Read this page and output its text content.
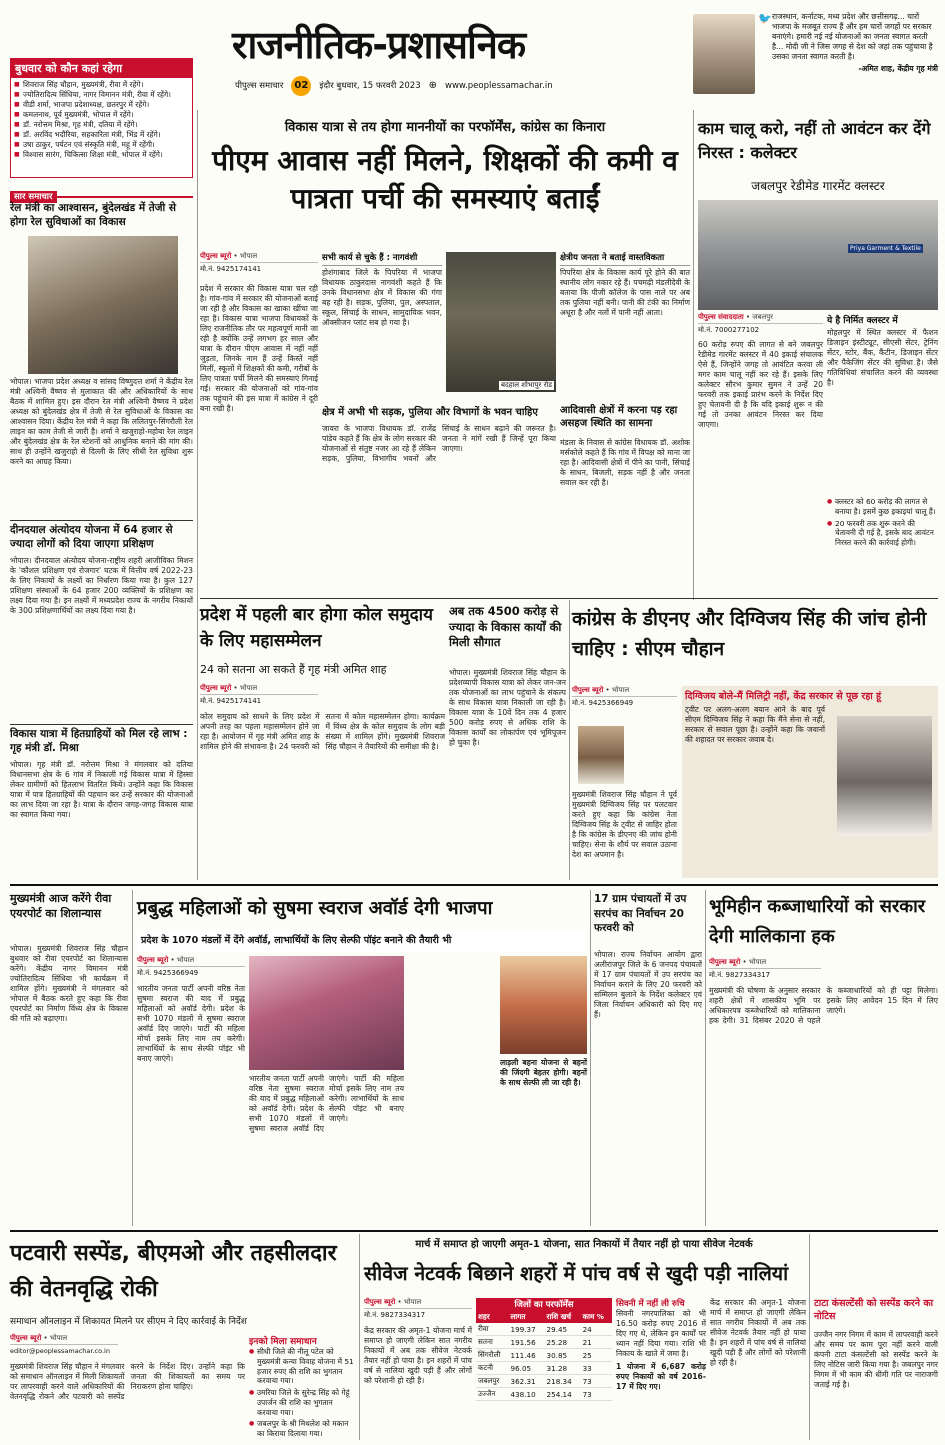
बुधवार को कौन कहां रहेगा
■ शिवराज सिंह चौहान, मुख्यमंत्री, रीवा में रहेंगे।
■ ज्योतिरादित्य सिंधिया, नागर विमानन मंत्री, रीवा में रहेंगे।
■ वीडी शर्मा, भाजपा प्रदेशाध्यक्ष, छतरपुर में रहेंगे।
■ कमलनाथ, पूर्व मुख्यमंत्री, भोपाल में रहेंगे।
■ डॉ. नरोत्तम मिश्रा, गृह मंत्री, दतिया में रहेंगे।
■ डॉ. अरविंद भदौरिया, सहकारिता मंत्री, भिंड में रहेंगे।
■ उषा ठाकुर, पर्यटन एवं संस्कृति मंत्री, महू में रहेंगी।
■ विश्वास सारंग, चिकित्सा शिक्षा मंत्री, भोपाल में रहेंगे।
राजनीतिक-प्रशासनिक
पीपुल्स समाचार	02	इंदौर बुधवार, 15 फरवरी 2023 ⊕ www.peoplessamachar.in
🐦 राजस्थान, कर्नाटक, मध्य प्रदेश और छत्तीसगढ़... चारों भाजपा के मजबूत राज्य हैं और हम चारों जगहों पर सरकार बनाएंगे। हमारी नई नई योजनाओं का जनता स्वागत करती है... मोदी जी ने जिस जगह से देश को जहां तक पहुंचाया है उसका जनता स्वागत करती है।
-अमित शाह, केंद्रीय गृह मंत्री
सार समाचार
रेल मंत्री का आश्वासन, बुंदेलखंड में तेजी से होगा रेल सुविधाओं का विकास
भोपाल। भाजपा प्रदेश अध्यक्ष व सांसद विष्णुदत्त शर्मा ने केंद्रीय रेल मंत्री अश्विनी वैष्णव से मुलाकात की और अधिकारियों के साथ बैठक में शामिल हुए। इस दौरान रेल मंत्री अश्विनी वैष्णव ने प्रदेश अध्यक्ष को बुंदेलखंड क्षेत्र में तेजी से रेल सुविधाओं के विकास का आश्वासन दिया। केंद्रीय रेल मंत्री ने कहा कि ललितपुर-सिंगरौली रेल लाइन का काम तेजी से जारी है। शर्मा ने खजुराहो-महोबा रेल लाइन और बुंदेलखंड क्षेत्र के रेल स्टेशनों को आधुनिक बनाने की मांग की। साथ ही उन्होंने खजुराहो से दिल्ली के लिए सीधी रेल सुविधा शुरू करने का आग्रह किया।
दीनदयाल अंत्योदय योजना में 64 हजार से ज्यादा लोगों को दिया जाएगा प्रशिक्षण
भोपाल। दीनदयाल अंत्योदय योजना-राष्ट्रीय शहरी आजीविका मिशन के 'कौशल प्रशिक्षण एवं रोजगार' घटक में वित्तीय वर्ष 2022-23 के लिए निकायों के लक्ष्यों का निर्धारण किया गया है। कुल 127 प्रशिक्षण संस्थाओं के 64 हजार 200 व्यक्तियों के प्रशिक्षण का लक्ष्य दिया गया है। इन लक्ष्यों में मध्यप्रदेश राज्य के नगरीय निकायों के 300 प्रशिक्षणार्थियों का लक्ष्य दिया गया है।
विकास यात्रा में हितग्राहियों को मिल रहे लाभ : गृह मंत्री डॉ. मिश्रा
भोपाल। गृह मंत्री डॉ. नरोत्तम मिश्रा ने मंगलवार को दतिया विधानसभा क्षेत्र के 6 गांव में निकाली गई विकास यात्रा में हिस्सा लेकर ग्रामीणों को हितलाभ वितरित किये। उन्होंने कहा कि विकास यात्रा में पात्र हितग्राहियों की पहचान कर उन्हें सरकार की योजनाओं का लाभ दिया जा रहा है। यात्रा के दौरान जगह-जगह विकास यात्रा का स्वागत किया गया।
विकास यात्रा से तय होगा माननीयों का परफॉर्मेंस, कांग्रेस का किनारा
पीएम आवास नहीं मिलने, शिक्षकों की कमी व पात्रता पर्ची की समस्याएं बताईं
पीपुल्स ब्यूरो • भोपाल
मो.नं. 9425174141
प्रदेश में सरकार की विकास यात्रा चल रही है। गांव-गांव में सरकार की योजनाओं बताई जा रही है और विकास का खाका खींचा जा रहा है। विकास यात्रा भाजपा विधायकों के लिए राजनीतिक तौर पर महत्वपूर्ण मानी जा रही है क्योंकि उन्हें लगभग हर साल और यात्रा के दौरान पीएम आवास में नहीं नहीं जुड़ता, जिनके नाम हैं उन्हें किस्तें नहीं मिलीं, स्कूलों में शिक्षकों की कमी, गरीबों के लिए पात्रता पर्ची मिलने की समस्याएं गिनाई गईं। सरकार की योजनाओं को गांव-गांव तक पहुंचाने की इस यात्रा में कांग्रेस ने दूरी बना रखी है।
सभी कार्य से चुके हैं : नागवंशी
होशंगाबाद जिले के पिपरिया में भाजपा विधायक ठाकुरदास नागवंशी कहते हैं कि उनके विधानसभा क्षेत्र में विकास की गंगा बह रही है। सड़क, पुलिया, पुल, अस्पताल, स्कूल, सिंचाई के साधन, सामुदायिक भवन, ऑक्सीजन प्लांट सब हो गया है।
बदहाल शोभापुर रोड
क्षेत्रीय जनता ने बताई वास्तविकता
पिपरिया क्षेत्र के विकास कार्य पूरे होने की बात स्थानीय लोग नकार रहे हैं। पचमढ़ी मंडलीदेवी के बताया कि पीजी कॉलेज के पास नाले पर अब तक पुलिया नहीं बनी। पानी की टंकी का निर्माण अधूरा है और नलों में पानी नहीं आता।
क्षेत्र में अभी भी सड़क, पुलिया और विभागों के भवन चाहिए
जावरा के भाजपा विधायक डॉ. राजेंद्र पांडेय कहते हैं कि क्षेत्र के लोग सरकार की योजनाओं से संतुष्ट नजर आ रहे हैं लेकिन सड़क, पुलिया, विभागीय भवनों और सिंचाई के साधन बढ़ाने की जरूरत है। जनता ने मांगें रखी हैं जिन्हें पूरा किया जाएगा।
आदिवासी क्षेत्रों में करना पड़ रहा असहज स्थिति का सामना
मंडला के निवास से कांग्रेस विधायक डॉ. अशोक मर्सकोले कहते हैं कि गांव में विपक्ष को माना जा रहा है। आदिवासी क्षेत्रों में पीने का पानी, सिंचाई के साधन, बिजली, सड़क नहीं है और जनता सवाल कर रही है।
काम चालू करो, नहीं तो आवंटन कर देंगे निरस्त : कलेक्टर
जबलपुर रेडीमेड गारमेंट क्लस्टर
Priya Garment & Textile
पीपुल्स संवाददाता • जबलपुर
मो.नं. 7000277102
60 करोड़ रुपए की लागत से बने जबलपुर रेडीमेड गारमेंट क्लस्टर में 40 इकाई संचालक ऐसे हैं, जिन्होंने जगह तो आवंटित करवा ली मगर काम चालू नहीं कर रहे हैं। इसके लिए कलेक्टर सौरभ कुमार सुमन ने उन्हें 20 फरवरी तक इकाई प्रारंभ करने के निर्देश दिए हुए चेतावनी दी है कि यदि इकाई शुरू न की गई तो उनका आवंटन निरस्त कर दिया जाएगा।
ये है निर्मित क्लस्टर में
मोहलपुर में स्थित क्लस्टर में फैशन डिजाइन इंस्टीट्यूट, सीएसी सेंटर, ट्रेनिंग सेंटर, स्टोर, बैंक, कैंटीन, डिजाइन सेंटर और पैकेजिंग सेंटर की सुविधा है। जैसे गतिविधियां संचालित करने की व्यवस्था है।
● क्लस्टर को 60 करोड़ की लागत से बनाया है। इसमें कुछ इकाइयां चालू हैं।
● 20 फरवरी तक शुरू करने की चेतावनी दी गई है, इसके बाद आवंटन निरस्त करने की कार्रवाई होगी।
प्रदेश में पहली बार होगा कोल समुदाय के लिए महासम्मेलन
24 को सतना आ सकते हैं गृह मंत्री अमित शाह
पीपुल्स ब्यूरो • भोपाल
मो.नं. 9425174141
कोल समुदाय को साधने के लिए प्रदेश में अपनी तरह का पहला महासम्मेलन होने जा रहा है। आयोजन में गृह मंत्री अमित शाह के शामिल होने की संभावना है। 24 फरवरी को सतना में कोल महासम्मेलन होगा। कार्यक्रम में विंध्य क्षेत्र के कोल समुदाय के लोग बड़ी संख्या में शामिल होंगे। मुख्यमंत्री शिवराज सिंह चौहान ने तैयारियों की समीक्षा की है।
अब तक 4500 करोड़ से ज्यादा के विकास कार्यों की मिली सौगात
भोपाल। मुख्यमंत्री शिवराज सिंह चौहान के प्रदेशव्यापी विकास यात्रा को लेकर जन-जन तक योजनाओं का लाभ पहुंचाने के संकल्प के साथ विकास यात्रा निकाली जा रही है। विकास यात्रा के 10वें दिन तक 4 हजार 500 करोड़ रुपए से अधिक राशि के विकास कार्यों का लोकार्पण एवं भूमिपूजन हो चुका है।
कांग्रेस के डीएनए और दिग्विजय सिंह की जांच होनी चाहिए : सीएम चौहान
पीपुल्स ब्यूरो • भोपाल
मो.नं. 9425366949
मुख्यमंत्री शिवराज सिंह चौहान ने पूर्व मुख्यमंत्री दिग्विजय सिंह पर पलटवार करते हुए कहा कि कांग्रेस नेता दिग्विजय सिंह के ट्वीट से जाहिर होता है कि कांग्रेस के डीएनए की जांच होनी चाहिए। सेना के शौर्य पर सवाल उठाना देश का अपमान है।
दिग्विजय बोले-मैं मिलिट्री नहीं, केंद्र सरकार से पूछ रहा हूं
ट्वीट पर अलग-अलग बयान आने के बाद पूर्व सीएम दिग्विजय सिंह ने कहा कि मैंने सेना से नहीं, सरकार से सवाल पूछा है। उन्होंने कहा कि जवानों की शहादत पर सरकार जवाब दे।
मुख्यमंत्री आज करेंगे रीवा एयरपोर्ट का शिलान्यास
भोपाल। मुख्यमंत्री शिवराज सिंह चौहान बुधवार को रीवा एयरपोर्ट का शिलान्यास करेंगे। केंद्रीय नागर विमानन मंत्री ज्योतिरादित्य सिंधिया भी कार्यक्रम में शामिल होंगे। मुख्यमंत्री ने मंगलवार को भोपाल में बैठक करते हुए कहा कि रीवा एयरपोर्ट का निर्माण विंध्य क्षेत्र के विकास की गति को बढ़ाएगा।
प्रबुद्ध महिलाओं को सुषमा स्वराज अवॉर्ड देगी भाजपा
प्रदेश के 1070 मंडलों में देंगे अवॉर्ड, लाभार्थियों के लिए सेल्फी पॉइंट बनाने की तैयारी भी
पीपुल्स ब्यूरो • भोपाल
मो.नं. 9425366949
भारतीय जनता पार्टी अपनी वरिष्ठ नेता सुषमा स्वराज की याद में प्रबुद्ध महिलाओं को अवॉर्ड देगी। प्रदेश के सभी 1070 मंडलों में सुषमा स्वराज अवॉर्ड दिए जाएंगे। पार्टी की महिला मोर्चा इसके लिए नाम तय करेगी। लाभार्थियों के साथ सेल्फी पॉइंट भी बनाए जाएंगे।
भारतीय जनता पार्टी अपनी वरिष्ठ नेता सुषमा स्वराज की याद में प्रबुद्ध महिलाओं को अवॉर्ड देगी। प्रदेश के सभी 1070 मंडलों में सुषमा स्वराज अवॉर्ड दिए जाएंगे। पार्टी की महिला मोर्चा इसके लिए नाम तय करेगी। लाभार्थियों के साथ सेल्फी पॉइंट भी बनाए जाएंगे।
लाड़ली बहना योजना से बहनों की जिंदगी बेहतर होगी। बहनों के साथ सेल्फी ली जा रही है।
17 ग्राम पंचायतों में उप सरपंच का निर्वाचन 20 फरवरी को
भोपाल। राज्य निर्वाचन आयोग द्वारा अलीराजपुर जिले के 6 जनपद पंचायतों में 17 ग्राम पंचायतों में उप सरपंच का निर्वाचन कराने के लिए 20 फरवरी को सम्मिलन बुलाने के निर्देश कलेक्टर एवं जिला निर्वाचन अधिकारी को दिए गए हैं।
भूमिहीन कब्जाधारियों को सरकार देगी मालिकाना हक
पीपुल्स ब्यूरो • भोपाल
मो.नं. 9827334317
मुख्यमंत्री की घोषणा के अनुसार सरकार शहरी क्षेत्रों में शासकीय भूमि पर अधिकारपत्र कब्जेधारियों को मालिकाना हक देगी। 31 दिसंबर 2020 से पहले के कब्जाधारियों को ही पट्टा मिलेगा। इसके लिए आवेदन 15 दिन में लिए जाएंगे।
पटवारी सस्पेंड, बीएमओ और तहसीलदार की वेतनवृद्धि रोकी
समाधान ऑनलाइन में शिकायत मिलने पर सीएम ने दिए कार्रवाई के निर्देश
पीपुल्स ब्यूरो • भोपाल
editor@peoplessamachar.co.in
मुख्यमंत्री शिवराज सिंह चौहान ने मंगलवार को समाधान ऑनलाइन में मिली शिकायतों पर लापरवाही करने वाले अधिकारियों की वेतनवृद्धि रोकने और पटवारी को सस्पेंड करने के निर्देश दिए। उन्होंने कहा कि जनता की शिकायतों का समय पर निराकरण होना चाहिए।
इनको मिला समाधान
● सीधी जिले की नीलू पटेल को मुख्यमंत्री कन्या विवाह योजना में 51 हजार रुपए की राशि का भुगतान करवाया गया।
● उमरिया जिले के सुरेन्द्र सिंह को गेहूं उपार्जन की राशि का भुगतान करवाया गया।
● जबलपुर के श्री मिथलेश को मकान का किराया दिलाया गया।
मार्च में समाप्त हो जाएगी अमृत-1 योजना, सात निकायों में तैयार नहीं हो पाया सीवेज नेटवर्क
सीवेज नेटवर्क बिछाने शहरों में पांच वर्ष से खुदी पड़ी नालियां
पीपुल्स ब्यूरो • भोपाल
मो.नं. 9827334317
केंद्र सरकार की अमृत-1 योजना मार्च में समाप्त हो जाएगी लेकिन सात नगरीय निकायों में अब तक सीवेज नेटवर्क तैयार नहीं हो पाया है। इन शहरों में पांच वर्ष से नालियां खुदी पड़ी हैं और लोगों को परेशानी हो रही है।
जिलों का परफॉर्मेंस
शहर	लागत	राशि खर्च	काम %
रीवा	199.37	29.45	24
सतना	191.56	25.28	21
सिंगरौली	111.46	30.85	25
कटनी	96.05	31.28	33
जबलपुर	362.31	218.34	73
उज्जैन	438.10	254.14	73
सिवनी में नहीं ली रुचि
सिवनी नगरपालिका को भी 16.50 करोड़ रुपए 2016 में दिए गए थे, लेकिन इन कार्यों पर ध्यान नहीं दिया गया। राशि भी निकाय के खाते में जमा है।
1 योजना में 6,687 करोड़ रुपए निकायों को वर्ष 2016-17 में दिए गए।
केंद्र सरकार की अमृत-1 योजना मार्च में समाप्त हो जाएगी लेकिन सात नगरीय निकायों में अब तक सीवेज नेटवर्क तैयार नहीं हो पाया है। इन शहरों में पांच वर्ष से नालियां खुदी पड़ी हैं और लोगों को परेशानी हो रही है।
टाटा कंसल्टेंसी को सस्पेंड करने का नोटिस
उज्जैन नगर निगम में काम में लापरवाही करने और समय पर काम पूरा नहीं करने वाली कंपनी टाटा कंसल्टेंसी को सस्पेंड करने के लिए नोटिस जारी किया गया है। जबलपुर नगर निगम में भी काम की धीमी गति पर नाराजगी जताई गई है।
